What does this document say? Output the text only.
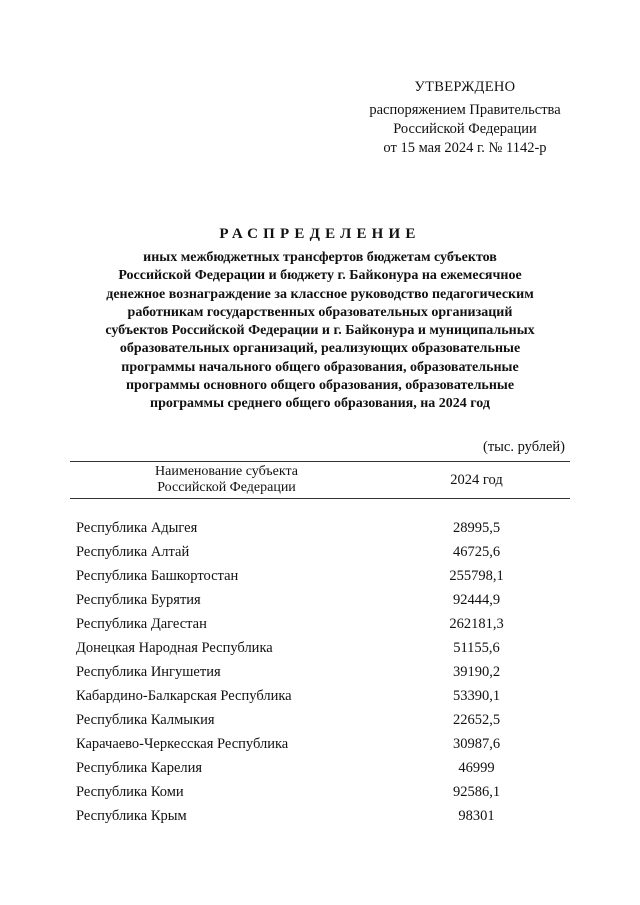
УТВЕРЖДЕНО
распоряжением Правительства
Российской Федерации
от 15 мая 2024 г. № 1142-р
РАСПРЕДЕЛЕНИЕ
иных межбюджетных трансфертов бюджетам субъектов
Российской Федерации и бюджету г. Байконура на ежемесячное
денежное вознаграждение за классное руководство педагогическим
работникам государственных образовательных организаций
субъектов Российской Федерации и г. Байконура и муниципальных
образовательных организаций, реализующих образовательные
программы начального общего образования, образовательные
программы основного общего образования, образовательные
программы среднего общего образования, на 2024 год
(тыс. рублей)
Наименование субъекта
Российской Федерации	2024 год
Республика Адыгея	28995,5
Республика Алтай	46725,6
Республика Башкортостан	255798,1
Республика Бурятия	92444,9
Республика Дагестан	262181,3
Донецкая Народная Республика	51155,6
Республика Ингушетия	39190,2
Кабардино-Балкарская Республика	53390,1
Республика Калмыкия	22652,5
Карачаево-Черкесская Республика	30987,6
Республика Карелия	46999
Республика Коми	92586,1
Республика Крым	98301
